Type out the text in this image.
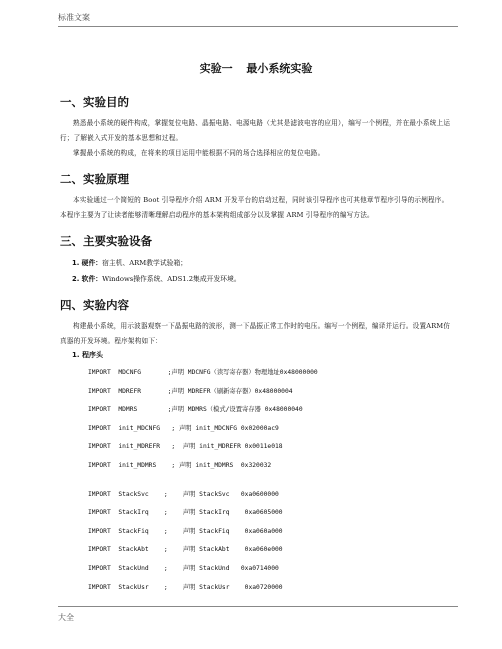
标准文案
实验一 最小系统实验
一、实验目的

熟悉最小系统的硬件构成，掌握复位电路、晶振电路、电源电路（尤其是滤波电容的应用），编写一个例程，并在最小系统上运行；了解嵌入式开发的基本思想和过程。

掌握最小系统的构成，在将来的项目运用中能根据不同的场合选择相应的复位电路。

二、实验原理

本实验通过一个简短的 Boot 引导程序介绍 ARM 开发平台的启动过程，同时该引导程序也可其他章节程序引导的示例程序。本程序主要为了让读者能够清晰理解启动程序的基本架构组成部分以及掌握 ARM 引导程序的编写方法。

三、主要实验设备

1. 硬件：宿主机、ARM教学试验箱；

2. 软件：Windows操作系统、ADS1.2集成开发环境。

四、实验内容

构建最小系统，用示波器观察一下晶振电路的波形，测一下晶振正常工作时的电压。编写一个例程，编译并运行。设置ARM仿真器的开发环境。程序架构如下：

1. 程序头
IMPORT  MDCNFG       ;声明 MDCNFG（读写寄存器）物理地址0x48000000
IMPORT  MDREFR       ;声明 MDREFR（刷新寄存器）0x48000004
IMPORT  MDMRS        ;声明 MDMRS（模式/设置寄存器 0x48000040
IMPORT  init_MDCNFG   ; 声明 init_MDCNFG 0x02000ac9
IMPORT  init_MDREFR   ;  声明 init_MDREFR 0x0011e018
IMPORT  init_MDMRS    ; 声明 init_MDMRS  0x320032
IMPORT  StackSvc    ;    声明 StackSvc   0xa0600000
IMPORT  StackIrq    ;    声明 StackIrq    0xa0605000
IMPORT  StackFiq    ;    声明 StackFiq    0xa060a000
IMPORT  StackAbt    ;    声明 StackAbt    0xa060e000
IMPORT  StackUnd    ;    声明 StackUnd   0xa0714000
IMPORT  StackUsr    ;    声明 StackUsr    0xa0720000
大全
